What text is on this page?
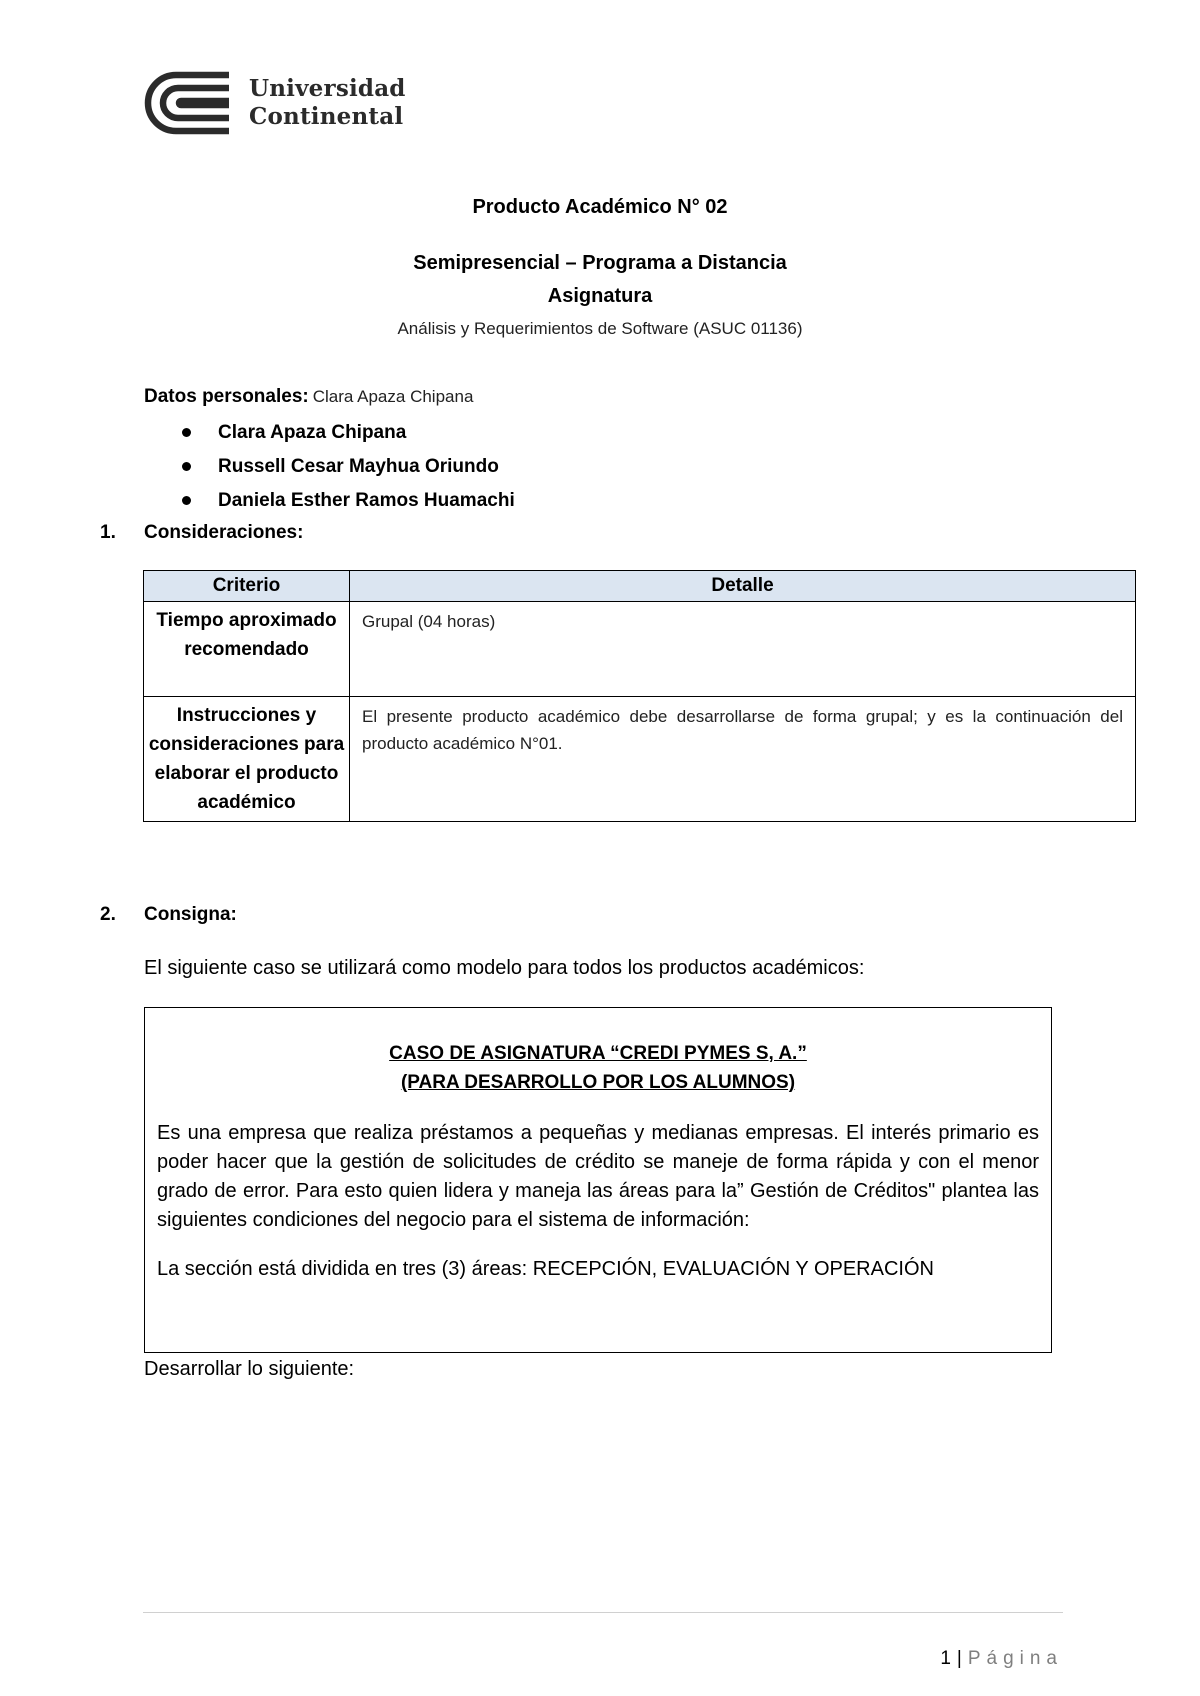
Universidad
Continental
Producto Académico N° 02
Semipresencial – Programa a Distancia
Asignatura
Análisis y Requerimientos de Software (ASUC 01136)
Datos personales: Clara Apaza Chipana
Clara Apaza Chipana
Russell Cesar Mayhua Oriundo
Daniela Esther Ramos Huamachi
1. Consideraciones:
Criterio	Detalle
Tiempo aproximado recomendado	Grupal (04 horas)
Instrucciones y consideraciones para elaborar el producto académico	El presente producto académico debe desarrollarse de forma grupal; y es la continuación del producto académico N°01.
2. Consigna:
El siguiente caso se utilizará como modelo para todos los productos académicos:
CASO DE ASIGNATURA “CREDI PYMES S, A.”
(PARA DESARROLLO POR LOS ALUMNOS)
Es una empresa que realiza préstamos a pequeñas y medianas empresas. El interés primario es poder hacer que la gestión de solicitudes de crédito se maneje de forma rápida y con el menor grado de error. Para esto quien lidera y maneja las áreas para la” Gestión de Créditos" plantea las siguientes condiciones del negocio para el sistema de información:
La sección está dividida en tres (3) áreas: RECEPCIÓN, EVALUACIÓN Y OPERACIÓN
Desarrollar lo siguiente:
1 | Página
